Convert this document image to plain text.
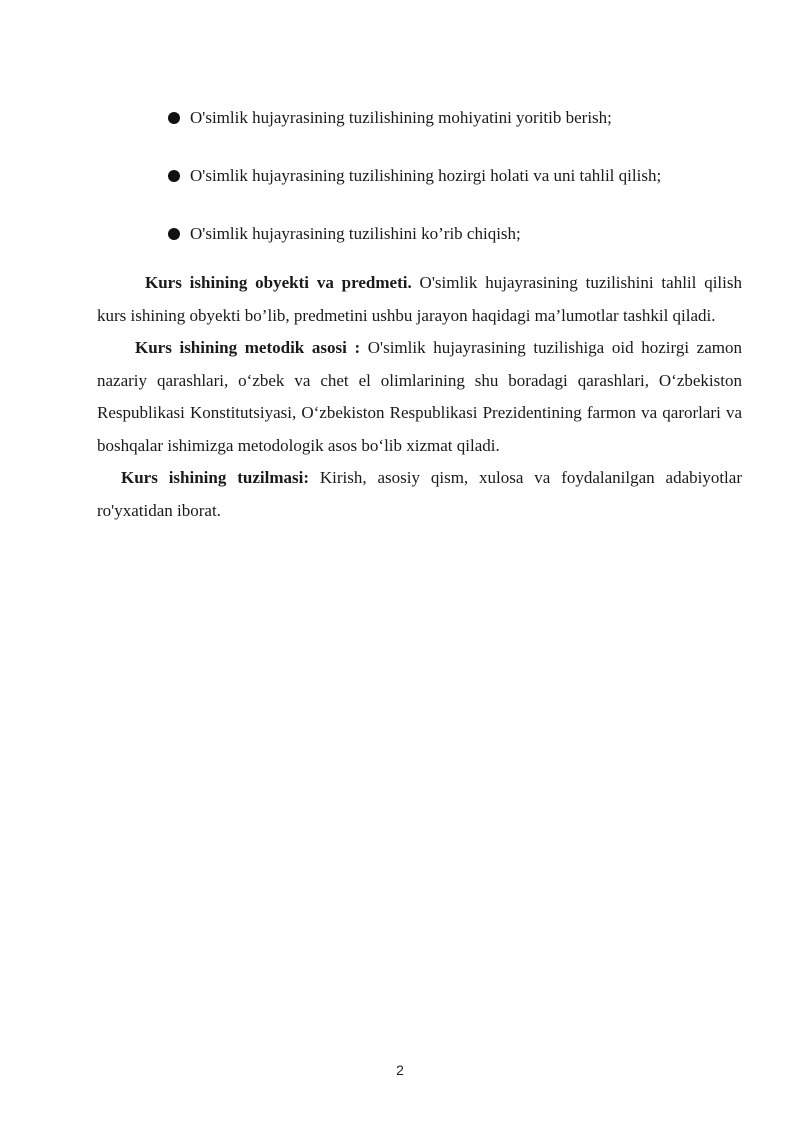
O'simlik hujayrasining tuzilishining mohiyatini yoritib berish;
O'simlik hujayrasining tuzilishining hozirgi holati va uni tahlil qilish;
O'simlik hujayrasining tuzilishini ko’rib chiqish;

Kurs ishining obyekti va predmeti. O'simlik hujayrasining tuzilishini tahlil qilish kurs ishining obyekti bo’lib, predmetini ushbu jarayon haqidagi ma’lumotlar tashkil qiladi.

Kurs ishining metodik asosi : O'simlik hujayrasining tuzilishiga oid hozirgi zamon nazariy qarashlari, o‘zbek va chet el olimlarining shu boradagi qarashlari, O‘zbekiston Respublikasi Konstitutsiyasi, O‘zbekiston Respublikasi Prezidentining farmon va qarorlari va boshqalar ishimizga metodologik asos bo‘lib xizmat qiladi.

Kurs ishining tuzilmasi: Kirish, asosiy qism, xulosa va foydalanilgan adabiyotlar ro'yxatidan iborat.

2
